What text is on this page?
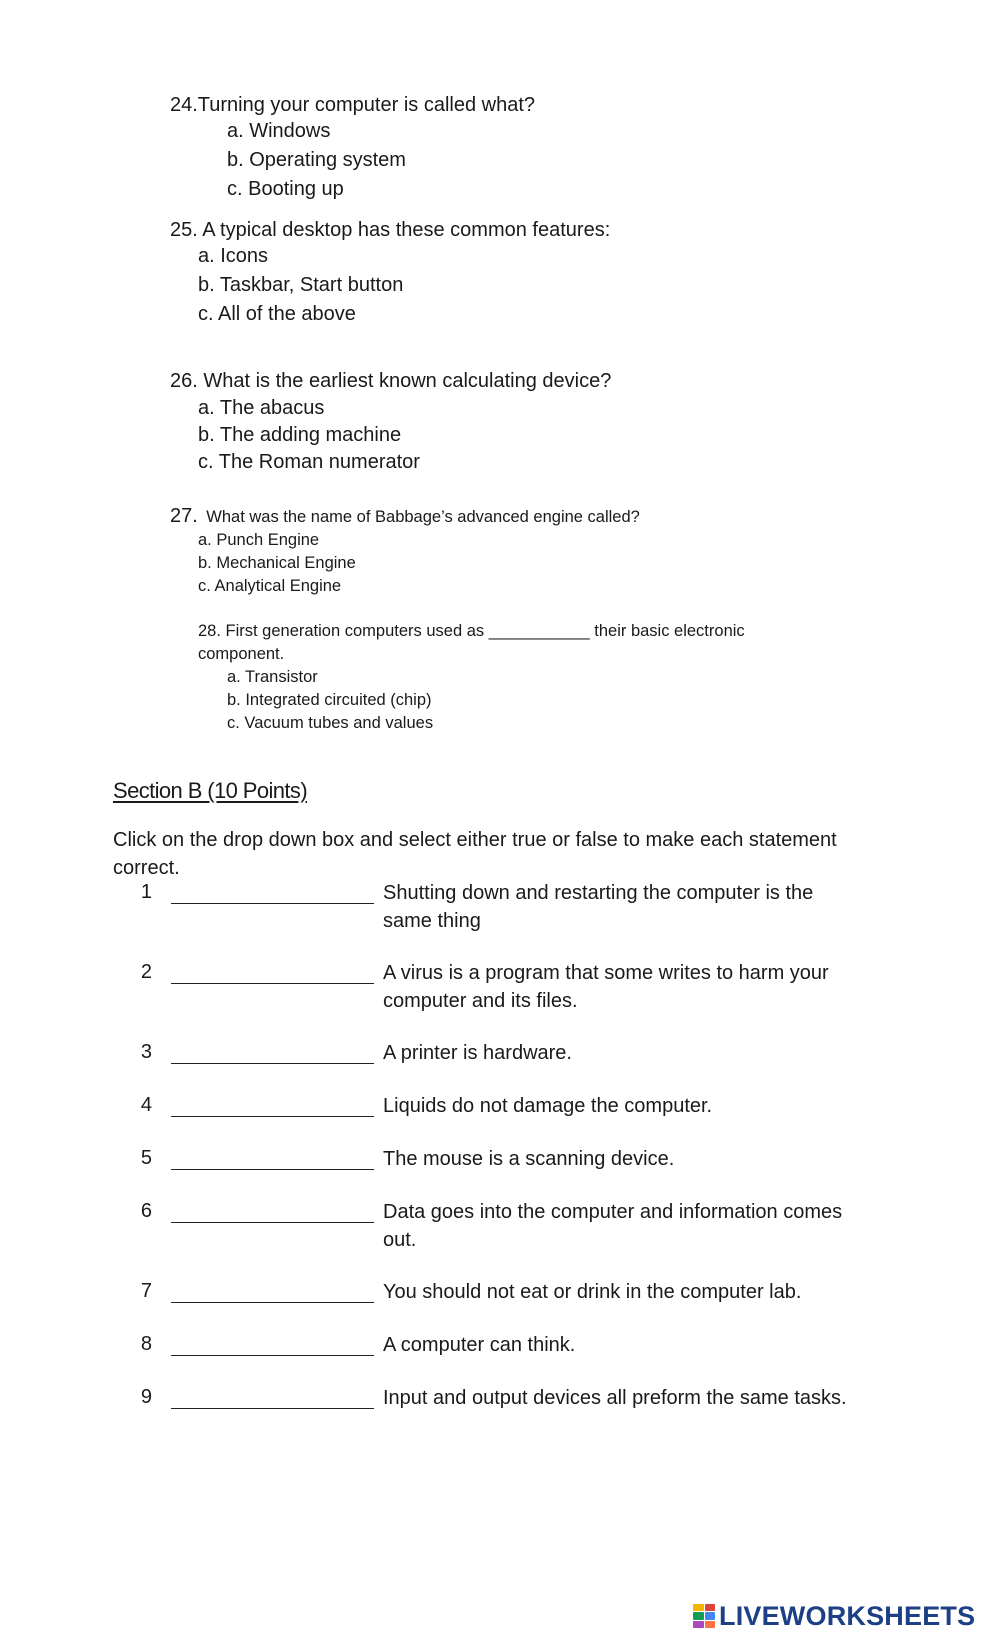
24.Turning your computer is called what?
a. Windows
b. Operating system
c. Booting up
25. A typical desktop has these common features:
a. Icons
b. Taskbar, Start button
c. All of the above
26. What is the earliest known calculating device?
a. The abacus
b. The adding machine
c. The Roman numerator
27. What was the name of Babbage’s advanced engine called?
a. Punch Engine
b. Mechanical Engine
c. Analytical Engine
28. First generation computers used as ___________ their basic electronic
component.
a. Transistor
b. Integrated circuited (chip)
c. Vacuum tubes and values
Section B (10 Points)
Click on the drop down box and select either true or false to make each statement correct.
1	Shutting down and restarting the computer is the same thing
2	A virus is a program that some writes to harm your computer and its files.
3	A printer is hardware.
4	Liquids do not damage the computer.
5	The mouse is a scanning device.
6	Data goes into the computer and information comes out.
7	You should not eat or drink in the computer lab.
8	A computer can think.
9	Input and output devices all preform the same tasks.
LIVEWORKSHEETS
